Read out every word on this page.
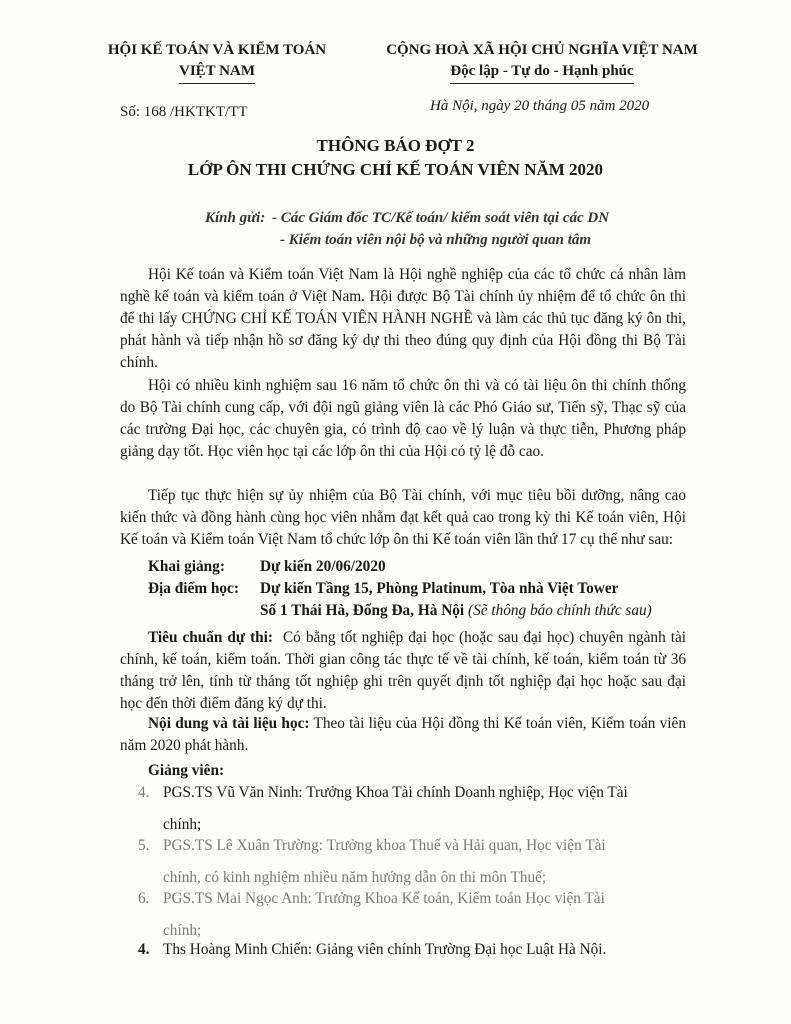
HỘI KẾ TOÁN VÀ KIỂM TOÁN
VIỆT NAM
CỘNG HOÀ XÃ HỘI CHỦ NGHĨA VIỆT NAM
Độc lập - Tự do - Hạnh phúc
Số: 168 /HKTKT/TT	Hà Nội, ngày 20 tháng 05 năm 2020
THÔNG BÁO ĐỢT 2
LỚP ÔN THI CHỨNG CHỈ KẾ TOÁN VIÊN NĂM 2020
Kính gửi: - Các Giám đốc TC/Kế toán/ kiểm soát viên tại các DN
- Kiểm toán viên nội bộ và những người quan tâm

Hội Kế toán và Kiểm toán Việt Nam là Hội nghề nghiệp của các tổ chức cá nhân làm nghề kế toán và kiểm toán ở Việt Nam. Hội được Bộ Tài chính ủy nhiệm để tổ chức ôn thi để thi lấy CHỨNG CHỈ KẾ TOÁN VIÊN HÀNH NGHỀ và làm các thủ tục đăng ký ôn thi, phát hành và tiếp nhận hồ sơ đăng ký dự thi theo đúng quy định của Hội đồng thi Bộ Tài chính.

Hội có nhiều kinh nghiệm sau 16 năm tổ chức ôn thi và có tài liệu ôn thi chính thống do Bộ Tài chính cung cấp, với đội ngũ giảng viên là các Phó Giáo sư, Tiến sỹ, Thạc sỹ của các trường Đại học, các chuyên gia, có trình độ cao về lý luận và thực tiễn, Phương pháp giảng dạy tốt. Học viên học tại các lớp ôn thi của Hội có tỷ lệ đỗ cao.

Tiếp tục thực hiện sự ủy nhiệm của Bộ Tài chính, với mục tiêu bồi dưỡng, nâng cao kiến thức và đồng hành cùng học viên nhằm đạt kết quả cao trong kỳ thi Kế toán viên, Hội Kế toán và Kiểm toán Việt Nam tổ chức lớp ôn thi Kế toán viên lần thứ 17 cụ thể như sau:

Khai giảng: Dự kiến 20/06/2020
Địa điểm học: Dự kiến Tầng 15, Phòng Platinum, Tòa nhà Việt Tower
Số 1 Thái Hà, Đống Đa, Hà Nội (Sẽ thông báo chính thức sau)

Tiêu chuẩn dự thi: Có bằng tốt nghiệp đại học (hoặc sau đại học) chuyên ngành tài chính, kế toán, kiểm toán. Thời gian công tác thực tế về tài chính, kế toán, kiểm toán từ 36 tháng trở lên, tính từ tháng tốt nghiệp ghi trên quyết định tốt nghiệp đại học hoặc sau đại học đến thời điểm đăng ký dự thi.

Nội dung và tài liệu học: Theo tài liệu của Hội đồng thi Kế toán viên, Kiểm toán viên năm 2020 phát hành.

Giảng viên:
4. PGS.TS Vũ Văn Ninh: Trưởng Khoa Tài chính Doanh nghiệp, Học viện Tài
chính;
5. PGS.TS Lê Xuân Trường: Trưởng khoa Thuế và Hải quan, Học viện Tài
chính, có kinh nghiệm nhiều năm hướng dẫn ôn thi môn Thuế;
6. PGS.TS Mai Ngọc Anh: Trưởng Khoa Kế toán, Kiểm toán Học viện Tài
chính;
4. Ths Hoàng Minh Chiến: Giảng viên chính Trường Đại học Luật Hà Nội.
